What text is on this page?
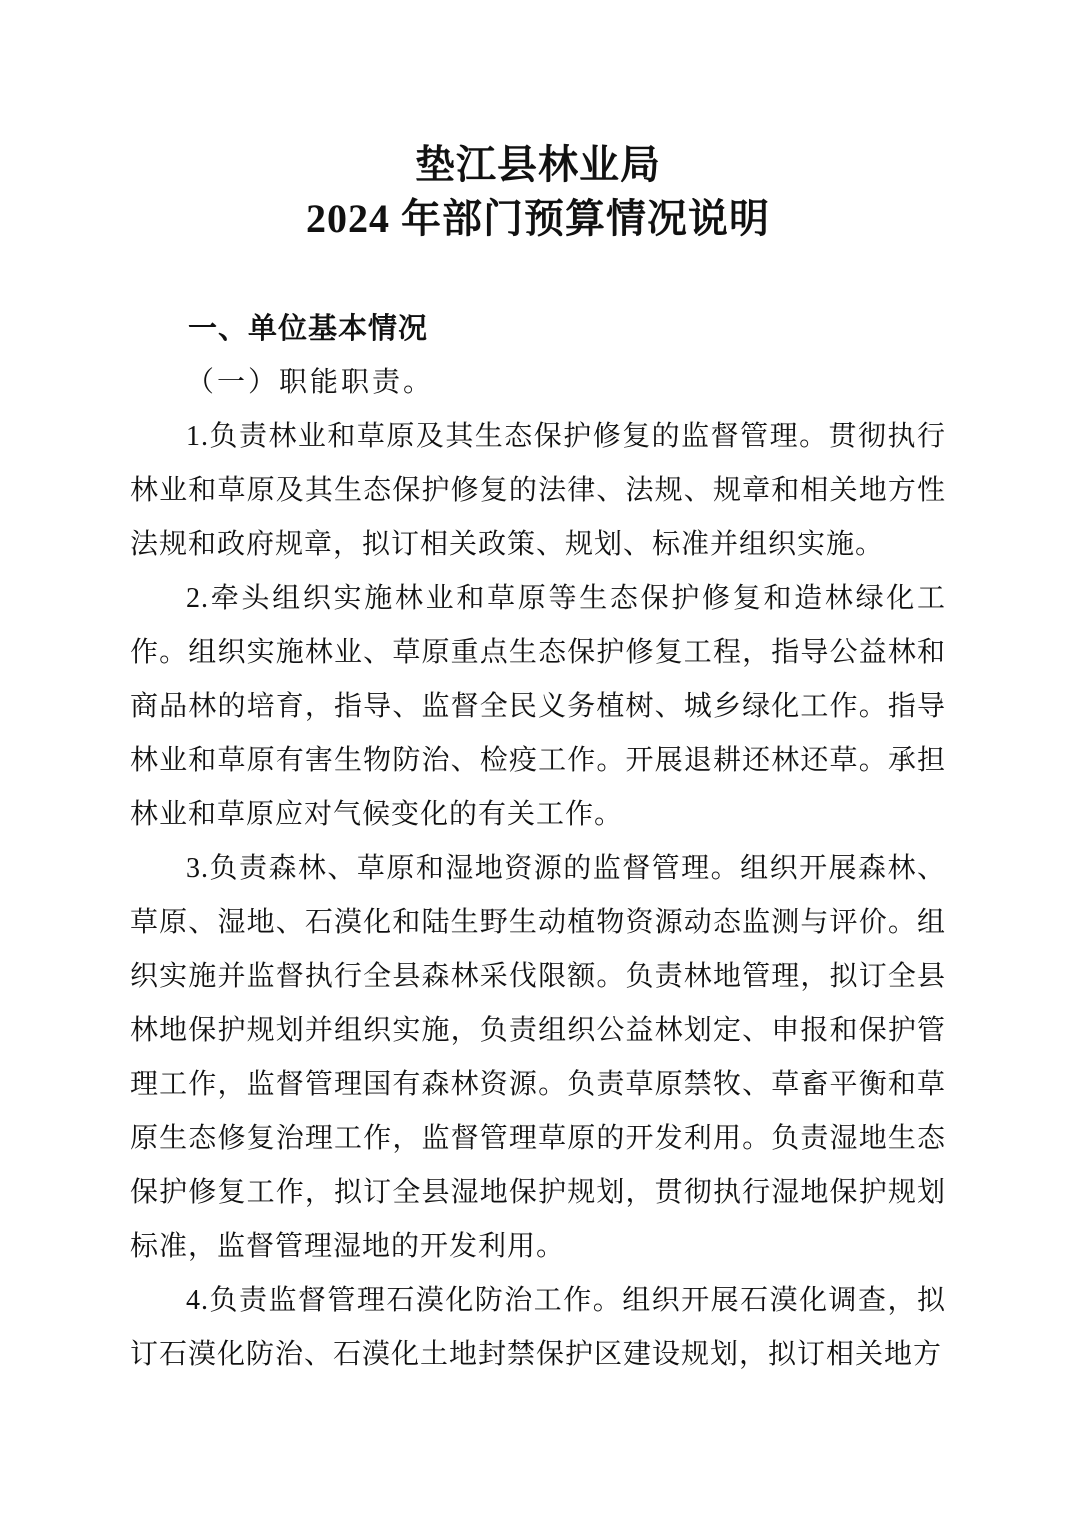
垫江县林业局
2024 年部门预算情况说明
一、单位基本情况

（一）职能职责。

1.负责林业和草原及其生态保护修复的监督管理。贯彻执行林业和草原及其生态保护修复的法律、法规、规章和相关地方性法规和政府规章，拟订相关政策、规划、标准并组织实施。

2.牵头组织实施林业和草原等生态保护修复和造林绿化工作。组织实施林业、草原重点生态保护修复工程，指导公益林和商品林的培育，指导、监督全民义务植树、城乡绿化工作。指导林业和草原有害生物防治、检疫工作。开展退耕还林还草。承担林业和草原应对气候变化的有关工作。

3.负责森林、草原和湿地资源的监督管理。组织开展森林、草原、湿地、石漠化和陆生野生动植物资源动态监测与评价。组织实施并监督执行全县森林采伐限额。负责林地管理，拟订全县林地保护规划并组织实施，负责组织公益林划定、申报和保护管理工作，监督管理国有森林资源。负责草原禁牧、草畜平衡和草原生态修复治理工作，监督管理草原的开发利用。负责湿地生态保护修复工作，拟订全县湿地保护规划，贯彻执行湿地保护规划标准，监督管理湿地的开发利用。

4.负责监督管理石漠化防治工作。组织开展石漠化调查，拟订石漠化防治、石漠化土地封禁保护区建设规划，拟订相关地方
